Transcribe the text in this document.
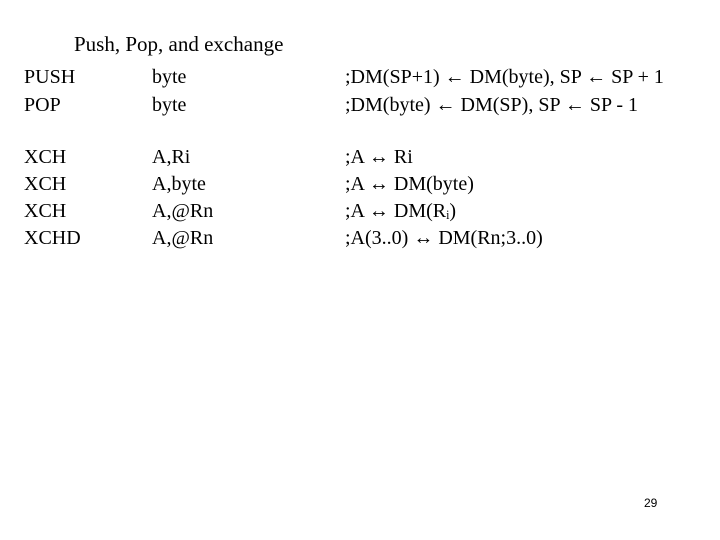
Push, Pop, and exchange
PUSH	byte	;DM(SP+1) ← DM(byte), SP ← SP + 1
POP	byte	;DM(byte) ← DM(SP), SP ← SP - 1
XCH	A,Ri	;A ↔ Ri
XCH	A,byte	;A ↔ DM(byte)
XCH	A,@Rn	;A ↔ DM(Rᵢ)
XCHD	A,@Rn	;A(3..0) ↔ DM(Rn;3..0)
29
